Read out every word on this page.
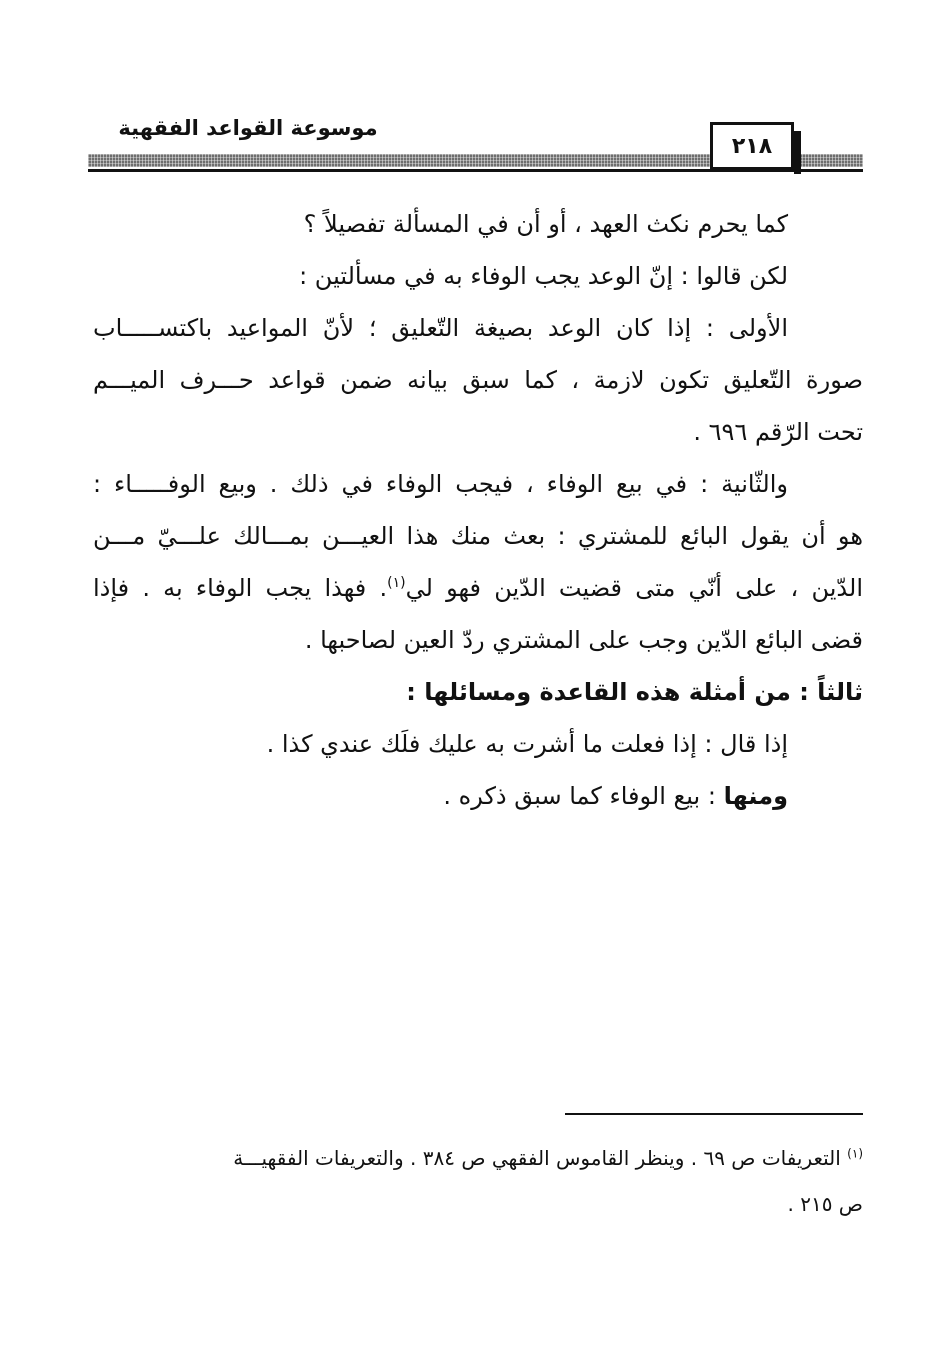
موسوعة القواعد الفقهية
٢١٨

كما يحرم نكث العهد ، أو أن في المسألة تفصيلاً ؟

لكن قالوا : إنّ الوعد يجب الوفاء به في مسألتين :

الأولى : إذا كان الوعد بصيغة التّعليق ؛ لأنّ المواعيد باكتســـــاب

صورة التّعليق تكون لازمة ، كما سبق بيانه ضمن قواعد حـــرف الميـــم

تحت الرّقم ٦٩٦ .

والثّانية : في بيع الوفاء ، فيجب الوفاء في ذلك . وبيع الوفـــــاء :

هو أن يقول البائع للمشتري : بعث منك هذا العيـــن بمـــالك علـــيّ مـــن

الدّين ، على أنّي متى قضيت الدّين فهو لي$^{(١)}$. فهذا يجب الوفاء به . فإذا

قضى البائع الدّين وجب على المشتري ردّ العين لصاحبها .

ثالثاً : من أمثلة هذه القاعدة ومسائلها :

إذا قال : إذا فعلت ما أشرت به عليك فلَك عندي كذا .

ومنها : بيع الوفاء كما سبق ذكره .

$^{(١)}$ التعريفات ص ٦٩ . وينظر القاموس الفقهي ص ٣٨٤ . والتعريفات الفقهيـــة

ص ٢١٥ .
